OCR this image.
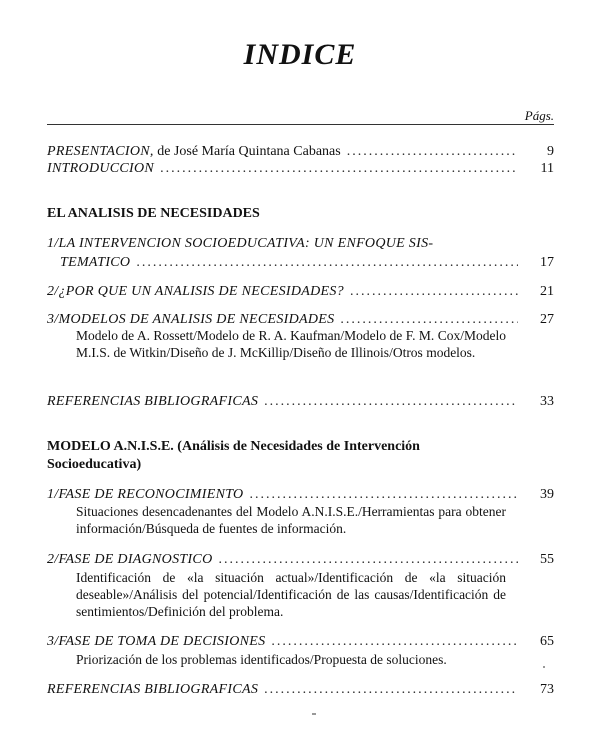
INDICE
Págs.
PRESENTACION, de José María Quintana Cabanas .....	9
INTRODUCCION .....	11
EL ANALISIS DE NECESIDADES
1/LA INTERVENCION SOCIOEDUCATIVA: UN ENFOQUE SIS-
TEMATICO .....	17
2/¿POR QUE UN ANALISIS DE NECESIDADES? .....	21
3/MODELOS DE ANALISIS DE NECESIDADES .....	27
Modelo de A. Rossett/Modelo de R. A. Kaufman/Modelo de F. M. Cox/Modelo M.I.S. de Witkin/Diseño de J. McKillip/Diseño de Illinois/Otros modelos.
REFERENCIAS BIBLIOGRAFICAS .....	33
MODELO A.N.I.S.E. (Análisis de Necesidades de Intervención
Socioeducativa)
1/FASE DE RECONOCIMIENTO .....	39
Situaciones desencadenantes del Modelo A.N.I.S.E./Herramientas para obtener información/Búsqueda de fuentes de información.
2/FASE DE DIAGNOSTICO .....	55
Identificación de «la situación actual»/Identificación de «la situación deseable»/Análisis del potencial/Identificación de las causas/Identificación de sentimientos/Definición del problema.
3/FASE DE TOMA DE DECISIONES .....	65
Priorización de los problemas identificados/Propuesta de soluciones.
REFERENCIAS BIBLIOGRAFICAS .....	73
